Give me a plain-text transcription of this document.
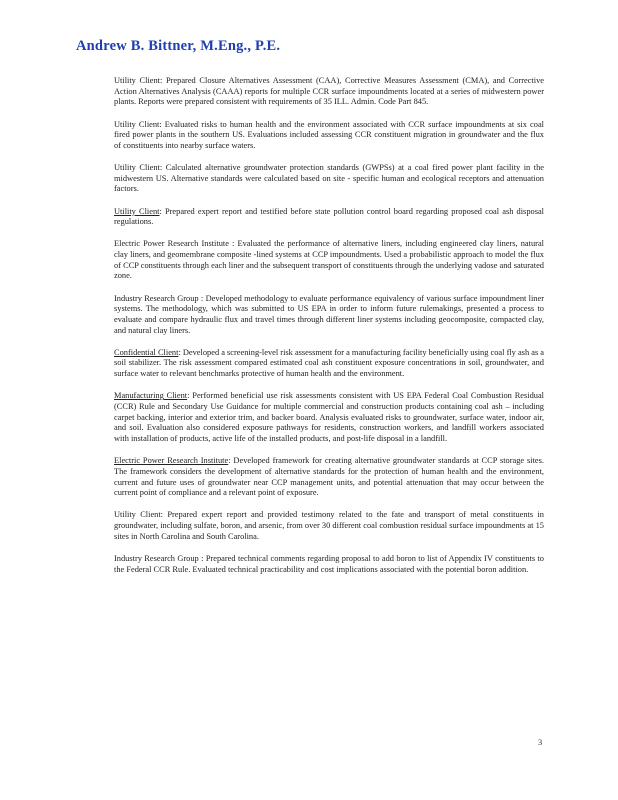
Andrew B. Bittner, M.Eng., P.E.

Utility Client: Prepared Closure Alternatives Assessment (CAA), Corrective Measures Assessment (CMA), and Corrective Action Alternatives Analysis (CAAA) reports for multiple CCR surface impoundments located at a series of midwestern power plants. Reports were prepared consistent with requirements of 35 ILL. Admin. Code Part 845.

Utility Client: Evaluated risks to human health and the environment associated with CCR surface impoundments at six coal fired power plants in the southern US. Evaluations included assessing CCR constituent migration in groundwater and the flux of constituents into nearby surface waters.

Utility Client: Calculated alternative groundwater protection standards (GWPSs) at a coal fired power plant facility in the midwestern US. Alternative standards were calculated based on site - specific human and ecological receptors and attenuation factors.

Utility Client: Prepared expert report and testified before state pollution control board regarding proposed coal ash disposal regulations.

Electric Power Research Institute : Evaluated the performance of alternative liners, including engineered clay liners, natural clay liners, and geomembrane composite -lined systems at CCP impoundments. Used a probabilistic approach to model the flux of CCP constituents through each liner and the subsequent transport of constituents through the underlying vadose and saturated zone.

Industry Research Group : Developed methodology to evaluate performance equivalency of various surface impoundment liner systems. The methodology, which was submitted to US EPA in order to inform future rulemakings, presented a process to evaluate and compare hydraulic flux and travel times through different liner systems including geocomposite, compacted clay, and natural clay liners.

Confidential Client: Developed a screening-level risk assessment for a manufacturing facility beneficially using coal fly ash as a soil stabilizer. The risk assessment compared estimated coal ash constituent exposure concentrations in soil, groundwater, and surface water to relevant benchmarks protective of human health and the environment.

Manufacturing Client: Performed beneficial use risk assessments consistent with US EPA Federal Coal Combustion Residual (CCR) Rule and Secondary Use Guidance for multiple commercial and construction products containing coal ash – including carpet backing, interior and exterior trim, and backer board. Analysis evaluated risks to groundwater, surface water, indoor air, and soil. Evaluation also considered exposure pathways for residents, construction workers, and landfill workers associated with installation of products, active life of the installed products, and post-life disposal in a landfill.

Electric Power Research Institute: Developed framework for creating alternative groundwater standards at CCP storage sites. The framework considers the development of alternative standards for the protection of human health and the environment, current and future uses of groundwater near CCP management units, and potential attenuation that may occur between the current point of compliance and a relevant point of exposure.

Utility Client: Prepared expert report and provided testimony related to the fate and transport of metal constituents in groundwater, including sulfate, boron, and arsenic, from over 30 different coal combustion residual surface impoundments at 15 sites in North Carolina and South Carolina.

Industry Research Group : Prepared technical comments regarding proposal to add boron to list of Appendix IV constituents to the Federal CCR Rule. Evaluated technical practicability and cost implications associated with the potential boron addition.

3
